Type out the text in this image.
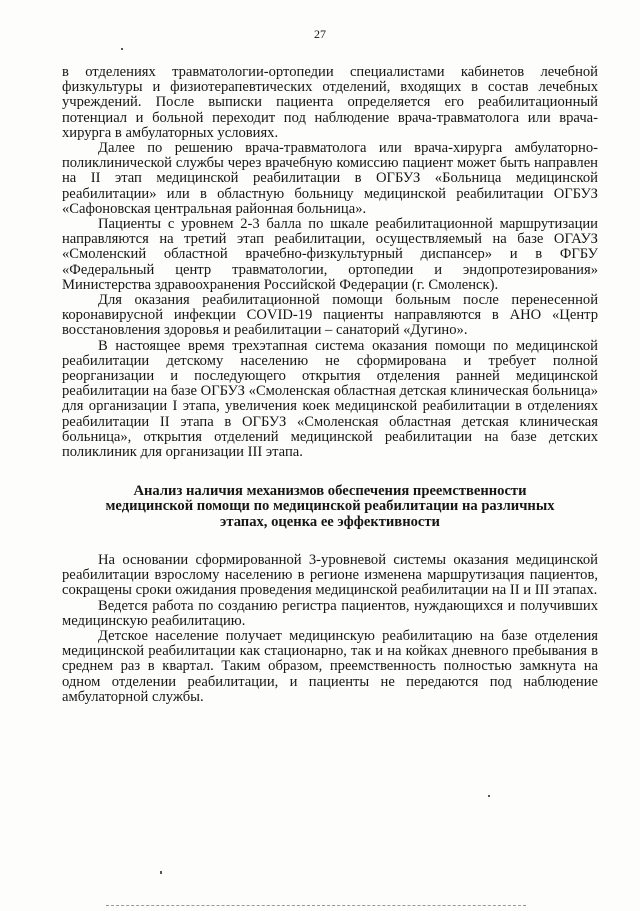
27

в отделениях травматологии-ортопедии специалистами кабинетов лечебной физкультуры и физиотерапевтических отделений, входящих в состав лечебных учреждений. После выписки пациента определяется его реабилитационный потенциал и больной переходит под наблюдение врача-травматолога или врача-хирурга в амбулаторных условиях.

Далее по решению врача-травматолога или врача-хирурга амбулаторно-поликлинической службы через врачебную комиссию пациент может быть направлен на II этап медицинской реабилитации в ОГБУЗ «Больница медицинской реабилитации» или в областную больницу медицинской реабилитации ОГБУЗ «Сафоновская центральная районная больница».

Пациенты с уровнем 2-3 балла по шкале реабилитационной маршрутизации направляются на третий этап реабилитации, осуществляемый на базе ОГАУЗ «Смоленский областной врачебно-физкультурный диспансер» и в ФГБУ «Федеральный центр травматологии, ортопедии и эндопротезирования» Министерства здравоохранения Российской Федерации (г. Смоленск).

Для оказания реабилитационной помощи больным после перенесенной коронавирусной инфекции COVID-19 пациенты направляются в АНО «Центр восстановления здоровья и реабилитации – санаторий «Дугино».

В настоящее время трехэтапная система оказания помощи по медицинской реабилитации детскому населению не сформирована и требует полной реорганизации и последующего открытия отделения ранней медицинской реабилитации на базе ОГБУЗ «Смоленская областная детская клиническая больница» для организации I этапа, увеличения коек медицинской реабилитации в отделениях реабилитации II этапа в ОГБУЗ «Смоленская областная детская клиническая больница», открытия отделений медицинской реабилитации на базе детских поликлиник для организации III этапа.

Анализ наличия механизмов обеспечения преемственности
медицинской помощи по медицинской реабилитации на различных
этапах, оценка ее эффективности

На основании сформированной 3-уровневой системы оказания медицинской реабилитации взрослому населению в регионе изменена маршрутизация пациентов, сокращены сроки ожидания проведения медицинской реабилитации на II и III этапах.

Ведется работа по созданию регистра пациентов, нуждающихся и получивших медицинскую реабилитацию.

Детское население получает медицинскую реабилитацию на базе отделения медицинской реабилитации как стационарно, так и на койках дневного пребывания в среднем раз в квартал. Таким образом, преемственность полностью замкнута на одном отделении реабилитации, и пациенты не передаются под наблюдение амбулаторной службы.
